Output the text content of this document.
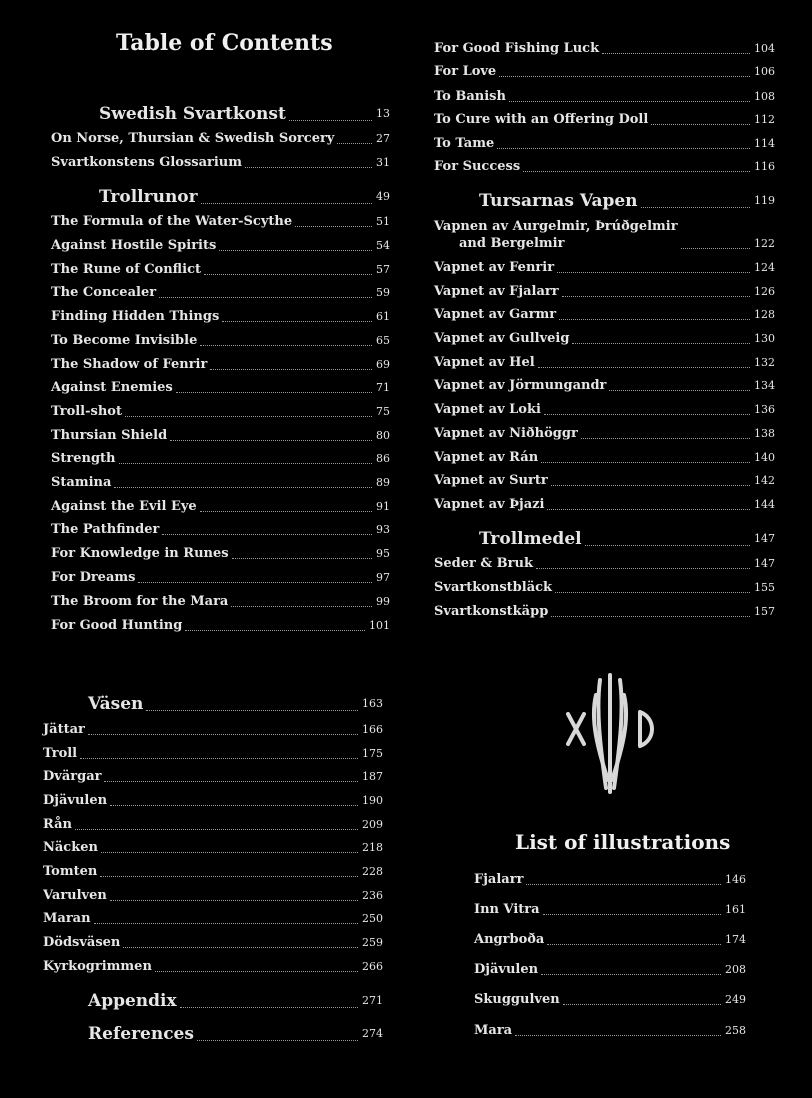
Table of Contents
Swedish Svartkonst	13
On Norse, Thursian & Swedish Sorcery	27
Svartkonstens Glossarium	31
Trollrunor	49
The Formula of the Water-Scythe	51
Against Hostile Spirits	54
The Rune of Conflict	57
The Concealer	59
Finding Hidden Things	61
To Become Invisible	65
The Shadow of Fenrir	69
Against Enemies	71
Troll-shot	75
Thursian Shield	80
Strength	86
Stamina	89
Against the Evil Eye	91
The Pathfinder	93
For Knowledge in Runes	95
For Dreams	97
The Broom for the Mara	99
For Good Hunting	101
For Good Fishing Luck	104
For Love	106
To Banish	108
To Cure with an Offering Doll	112
To Tame	114
For Success	116
Tursarnas Vapen	119
Vapnen av Aurgelmir, Þrúðgelmir
and Bergelmir	122
Vapnet av Fenrir	124
Vapnet av Fjalarr	126
Vapnet av Garmr	128
Vapnet av Gullveig	130
Vapnet av Hel	132
Vapnet av Jörmungandr	134
Vapnet av Loki	136
Vapnet av Niðhöggr	138
Vapnet av Rán	140
Vapnet av Surtr	142
Vapnet av Þjazi	144
Trollmedel	147
Seder & Bruk	147
Svartkonstbläck	155
Svartkonstkäpp	157
Väsen	163
Jättar	166
Troll	175
Dvärgar	187
Djävulen	190
Rån	209
Näcken	218
Tomten	228
Varulven	236
Maran	250
Dödsväsen	259
Kyrkogrimmen	266
Appendix	271
References	274
List of illustrations
Fjalarr	146
Inn Vitra	161
Angrboða	174
Djävulen	208
Skuggulven	249
Mara	258
